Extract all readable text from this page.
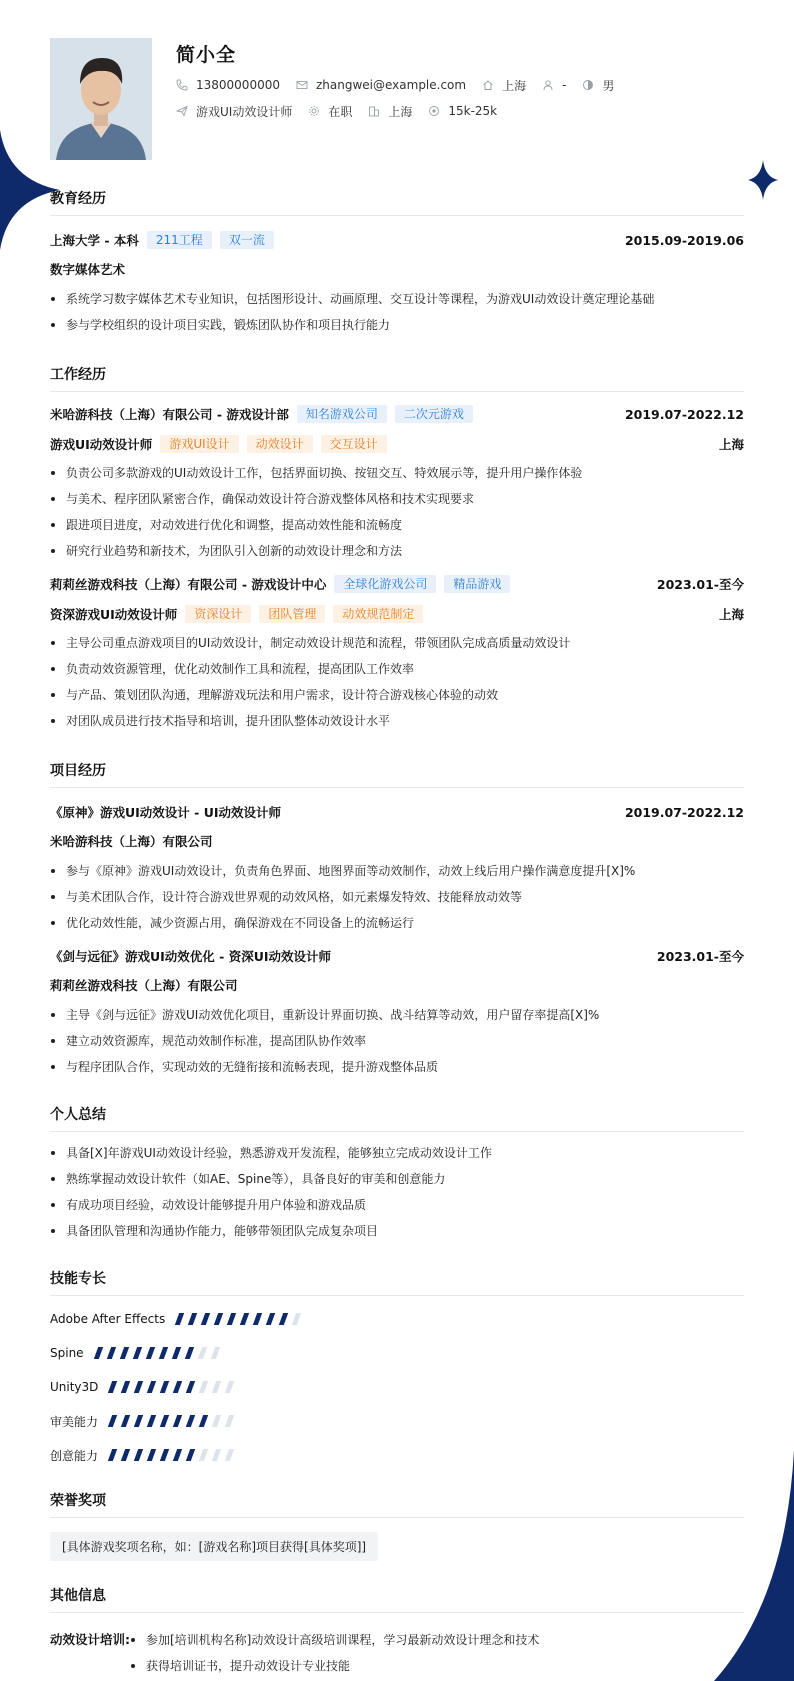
简小全
13800000000	zhangwei@example.com	上海	-	男
游戏UI动效设计师	在职	上海	15k-25k
教育经历
上海大学 - 本科	211工程	双一流	2015.09-2019.06
数字媒体艺术
系统学习数字媒体艺术专业知识，包括图形设计、动画原理、交互设计等课程，为游戏UI动效设计奠定理论基础
参与学校组织的设计项目实践，锻炼团队协作和项目执行能力
工作经历
米哈游科技（上海）有限公司 - 游戏设计部	知名游戏公司	二次元游戏	2019.07-2022.12
游戏UI动效设计师	游戏UI设计	动效设计	交互设计	上海
负责公司多款游戏的UI动效设计工作，包括界面切换、按钮交互、特效展示等，提升用户操作体验
与美术、程序团队紧密合作，确保动效设计符合游戏整体风格和技术实现要求
跟进项目进度，对动效进行优化和调整，提高动效性能和流畅度
研究行业趋势和新技术，为团队引入创新的动效设计理念和方法
莉莉丝游戏科技（上海）有限公司 - 游戏设计中心	全球化游戏公司	精品游戏	2023.01-至今
资深游戏UI动效设计师	资深设计	团队管理	动效规范制定	上海
主导公司重点游戏项目的UI动效设计，制定动效设计规范和流程，带领团队完成高质量动效设计
负责动效资源管理，优化动效制作工具和流程，提高团队工作效率
与产品、策划团队沟通，理解游戏玩法和用户需求，设计符合游戏核心体验的动效
对团队成员进行技术指导和培训，提升团队整体动效设计水平
项目经历
《原神》游戏UI动效设计 - UI动效设计师	2019.07-2022.12
米哈游科技（上海）有限公司
参与《原神》游戏UI动效设计，负责角色界面、地图界面等动效制作，动效上线后用户操作满意度提升[X]%
与美术团队合作，设计符合游戏世界观的动效风格，如元素爆发特效、技能释放动效等
优化动效性能，减少资源占用，确保游戏在不同设备上的流畅运行
《剑与远征》游戏UI动效优化 - 资深UI动效设计师	2023.01-至今
莉莉丝游戏科技（上海）有限公司
主导《剑与远征》游戏UI动效优化项目，重新设计界面切换、战斗结算等动效，用户留存率提高[X]%
建立动效资源库，规范动效制作标准，提高团队协作效率
与程序团队合作，实现动效的无缝衔接和流畅表现，提升游戏整体品质
个人总结
具备[X]年游戏UI动效设计经验，熟悉游戏开发流程，能够独立完成动效设计工作
熟练掌握动效设计软件（如AE、Spine等），具备良好的审美和创意能力
有成功项目经验，动效设计能够提升用户体验和游戏品质
具备团队管理和沟通协作能力，能够带领团队完成复杂项目
技能专长
Adobe After Effects
Spine
Unity3D
审美能力
创意能力
荣誉奖项
[具体游戏奖项名称，如：[游戏名称]项目获得[具体奖项]]
其他信息
动效设计培训:	参加[培训机构名称]动效设计高级培训课程，学习最新动效设计理念和技术
获得培训证书，提升动效设计专业技能
